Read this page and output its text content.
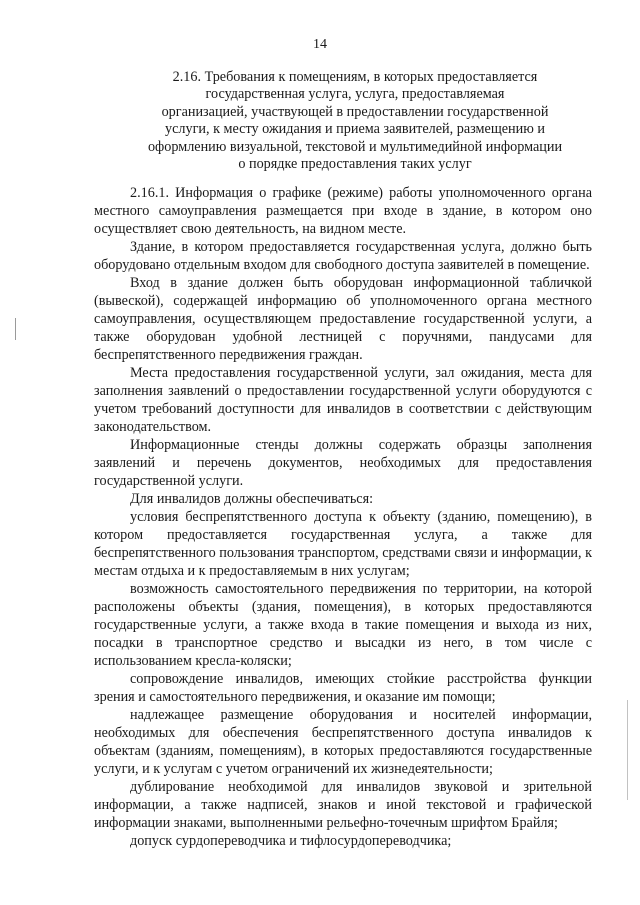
14
2.16. Требования к помещениям, в которых предоставляется
государственная услуга, услуга, предоставляемая
организацией, участвующей в предоставлении государственной
услуги, к месту ожидания и приема заявителей, размещению и
оформлению визуальной, текстовой и мультимедийной информации
о порядке предоставления таких услуг

2.16.1. Информация о графике (режиме) работы уполномоченного органа местного самоуправления размещается при входе в здание, в котором оно осуществляет свою деятельность, на видном месте.

Здание, в котором предоставляется государственная услуга, должно быть оборудовано отдельным входом для свободного доступа заявителей в помещение.

Вход в здание должен быть оборудован информационной табличкой (вывеской), содержащей информацию об уполномоченного органа местного самоуправления, осуществляющем предоставление государственной услуги, а также оборудован удобной лестницей с поручнями, пандусами для беспрепятственного передвижения граждан.

Места предоставления государственной услуги, зал ожидания, места для заполнения заявлений о предоставлении государственной услуги оборудуются с учетом требований доступности для инвалидов в соответствии с действующим законодательством.

Информационные стенды должны содержать образцы заполнения заявлений и перечень документов, необходимых для предоставления государственной услуги.

Для инвалидов должны обеспечиваться:

условия беспрепятственного доступа к объекту (зданию, помещению), в котором предоставляется государственная услуга, а также для беспрепятственного пользования транспортом, средствами связи и информации, к местам отдыха и к предоставляемым в них услугам;

возможность самостоятельного передвижения по территории, на которой расположены объекты (здания, помещения), в которых предоставляются государственные услуги, а также входа в такие помещения и выхода из них, посадки в транспортное средство и высадки из него, в том числе с использованием кресла-коляски;

сопровождение инвалидов, имеющих стойкие расстройства функции зрения и самостоятельного передвижения, и оказание им помощи;

надлежащее размещение оборудования и носителей информации, необходимых для обеспечения беспрепятственного доступа инвалидов к объектам (зданиям, помещениям), в которых предоставляются государственные услуги, и к услугам с учетом ограничений их жизнедеятельности;

дублирование необходимой для инвалидов звуковой и зрительной информации, а также надписей, знаков и иной текстовой и графической информации знаками, выполненными рельефно-точечным шрифтом Брайля;

допуск сурдопереводчика и тифлосурдопереводчика;
